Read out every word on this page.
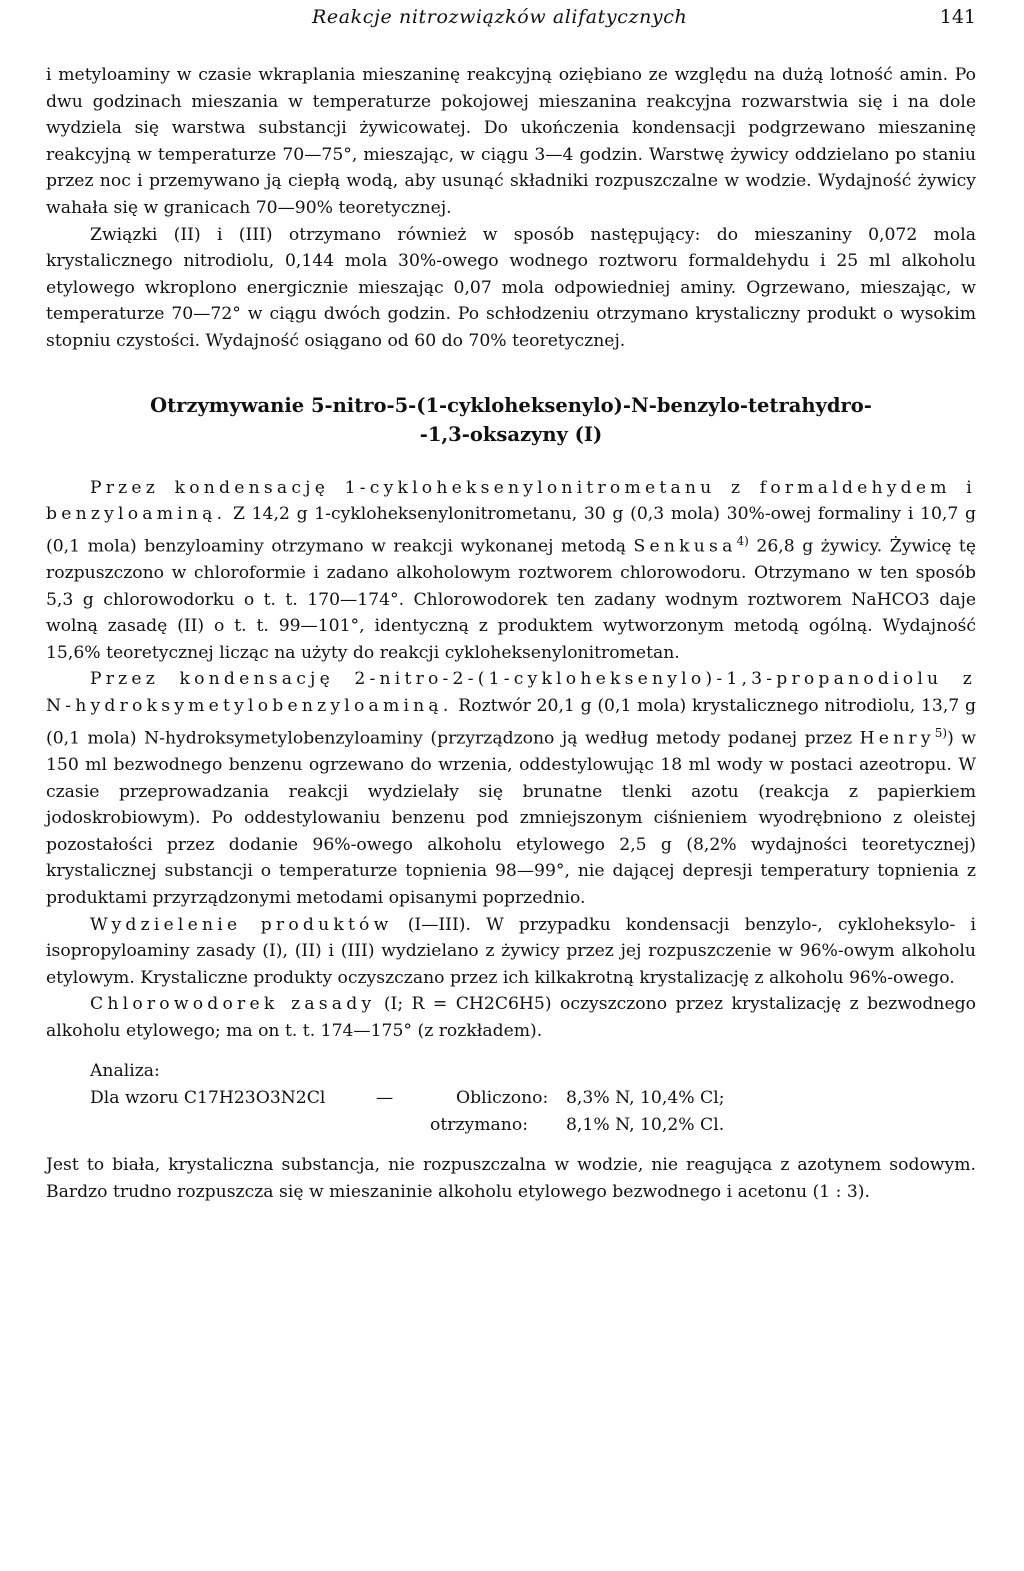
Reakcje nitrozwiązków alifatycznych	141

i metyloaminy w czasie wkraplania mieszaninę reakcyjną oziębiano ze względu na dużą lotność amin. Po dwu godzinach mieszania w temperaturze pokojowej mieszanina reakcyjna rozwarstwia się i na dole wydziela się warstwa substancji żywicowatej. Do ukończenia kondensacji podgrzewano mieszaninę reakcyjną w temperaturze 70—75°, mieszając, w ciągu 3—4 godzin. Warstwę żywicy oddzielano po staniu przez noc i przemywano ją ciepłą wodą, aby usunąć składniki rozpuszczalne w wodzie. Wydajność żywicy wahała się w granicach 70—90% teoretycznej.

Związki (II) i (III) otrzymano również w sposób następujący: do mieszaniny 0,072 mola krystalicznego nitrodiolu, 0,144 mola 30%-owego wodnego roztworu formaldehydu i 25 ml alkoholu etylowego wkroplono energicznie mieszając 0,07 mola odpowiedniej aminy. Ogrzewano, mieszając, w temperaturze 70—72° w ciągu dwóch godzin. Po schłodzeniu otrzymano krystaliczny produkt o wysokim stopniu czystości. Wydajność osiągano od 60 do 70% teoretycznej.

Otrzymywanie 5-nitro-5-(1-cykloheksenylo)-N-benzylo-tetrahydro-
-1,3-oksazyny (I)

Przez kondensację 1-cykloheksenylonitrometanu z formaldehydem i benzyloaminą. Z 14,2 g 1-cykloheksenylonitrometanu, 30 g (0,3 mola) 30%-owej formaliny i 10,7 g (0,1 mola) benzyloaminy otrzymano w reakcji wykonanej metodą Senkusa$^{4)}$ 26,8 g żywicy. Żywicę tę rozpuszczono w chloroformie i zadano alkoholowym roztworem chlorowodoru. Otrzymano w ten sposób 5,3 g chlorowodorku o t. t. 170—174°. Chlorowodorek ten zadany wodnym roztworem NaHCO3 daje wolną zasadę (II) o t. t. 99—101°, identyczną z produktem wytworzonym metodą ogólną. Wydajność 15,6% teoretycznej licząc na użyty do reakcji cykloheksenylonitrometan.

Przez kondensację 2-nitro-2-(1-cykloheksenylo)-1,3-propanodiolu z N-hydroksymetylobenzyloaminą. Roztwór 20,1 g (0,1 mola) krystalicznego nitrodiolu, 13,7 g (0,1 mola) N-hydroksymetylobenzyloaminy (przyrządzono ją według metody podanej przez Henry$^{5)}$) w 150 ml bezwodnego benzenu ogrzewano do wrzenia, oddestylowując 18 ml wody w postaci azeotropu. W czasie przeprowadzania reakcji wydzielały się brunatne tlenki azotu (reakcja z papierkiem jodoskrobiowym). Po oddestylowaniu benzenu pod zmniejszonym ciśnieniem wyodrębniono z oleistej pozostałości przez dodanie 96%-owego alkoholu etylowego 2,5 g (8,2% wydajności teoretycznej) krystalicznej substancji o temperaturze topnienia 98—99°, nie dającej depresji temperatury topnienia z produktami przyrządzonymi metodami opisanymi poprzednio.

Wydzielenie produktów (I—III). W przypadku kondensacji benzylo-, cykloheksylo- i isopropyloaminy zasady (I), (II) i (III) wydzielano z żywicy przez jej rozpuszczenie w 96%-owym alkoholu etylowym. Krystaliczne produkty oczyszczano przez ich kilkakrotną krystalizację z alkoholu 96%-owego.

Chlorowodorek zasady (I; R = CH2C6H5) oczyszczono przez krystalizację z bezwodnego alkoholu etylowego; ma on t. t. 174—175° (z rozkładem).

Analiza:
Dla wzoru C17H23O3N2Cl	—	Obliczono: 8,3% N, 10,4% Cl;
otrzymano: 8,1% N, 10,2% Cl.

Jest to biała, krystaliczna substancja, nie rozpuszczalna w wodzie, nie reagująca z azotynem sodowym. Bardzo trudno rozpuszcza się w mieszaninie alkoholu etylowego bezwodnego i acetonu (1 : 3).
